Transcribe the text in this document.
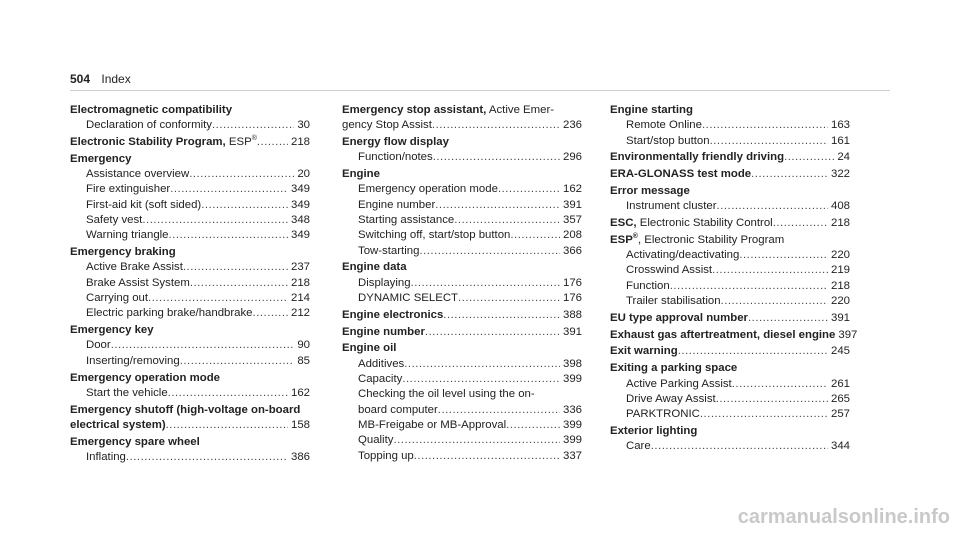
504 Index
Electromagnetic compatibility
Declaration of conformity .....	30
Electronic Stability Program, ESP® .....	218
Emergency
Assistance overview .....	20
Fire extinguisher .....	349
First-aid kit (soft sided) .....	349
Safety vest .....	348
Warning triangle .....	349
Emergency braking
Active Brake Assist .....	237
Brake Assist System .....	218
Carrying out .....	214
Electric parking brake/handbrake .....	212
Emergency key
Door .....	90
Inserting/removing .....	85
Emergency operation mode
Start the vehicle .....	162
Emergency shutoff (high-voltage on-board
electrical system) .....	158
Emergency spare wheel
Inflating .....	386
Emergency stop assistant, Active Emer-
gency Stop Assist .....	236
Energy flow display
Function/notes .....	296
Engine
Emergency operation mode .....	162
Engine number .....	391
Starting assistance .....	357
Switching off, start/stop button .....	208
Tow-starting .....	366
Engine data
Displaying .....	176
DYNAMIC SELECT .....	176
Engine electronics .....	388
Engine number .....	391
Engine oil
Additives .....	398
Capacity .....	399
Checking the oil level using the on-
board computer .....	336
MB-Freigabe or MB-Approval .....	399
Quality .....	399
Topping up .....	337
Engine starting
Remote Online .....	163
Start/stop button .....	161
Environmentally friendly driving .....	24
ERA-GLONASS test mode .....	322
Error message
Instrument cluster .....	408
ESC, Electronic Stability Control .....	218
ESP®, Electronic Stability Program
Activating/deactivating .....	220
Crosswind Assist .....	219
Function .....	218
Trailer stabilisation .....	220
EU type approval number .....	391
Exhaust gas aftertreatment, diesel engine 397
Exit warning .....	245
Exiting a parking space
Active Parking Assist .....	261
Drive Away Assist .....	265
PARKTRONIC .....	257
Exterior lighting
Care .....	344
carmanualsonline.info
